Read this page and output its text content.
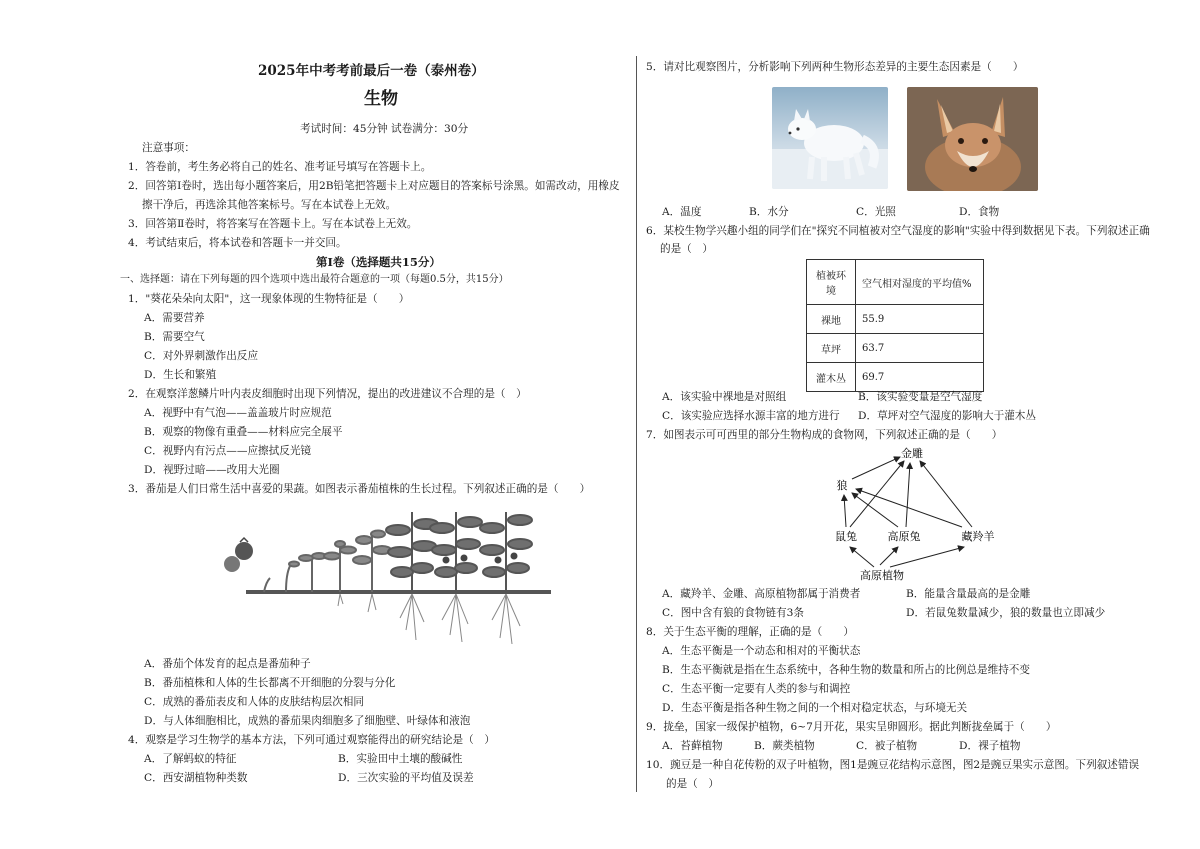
2025年中考考前最后一卷（泰州卷）
生物
考试时间：45分钟 试卷满分：30分
注意事项：
1．答卷前，考生务必将自己的姓名、准考证号填写在答题卡上。
2．回答第Ⅰ卷时，选出每小题答案后，用2B铅笔把答题卡上对应题目的答案标号涂黑。如需改动，用橡皮
擦干净后，再选涂其他答案标号。写在本试卷上无效。
3．回答第Ⅱ卷时，将答案写在答题卡上。写在本试卷上无效。
4．考试结束后，将本试卷和答题卡一并交回。
第Ⅰ卷（选择题共15分）
一、选择题：请在下列每题的四个选项中选出最符合题意的一项（每题0.5分，共15分）
1．"葵花朵朵向太阳"，这一现象体现的生物特征是（　　）
A．需要营养
B．需要空气
C．对外界刺激作出反应
D．生长和繁殖
2．在观察洋葱鳞片叶内表皮细胞时出现下列情况，提出的改进建议不合理的是（　）
A．视野中有气泡——盖盖玻片时应规范
B．观察的物像有重叠——材料应完全展平
C．视野内有污点——应擦拭反光镜
D．视野过暗——改用大光圈
3．番茄是人们日常生活中喜爱的果蔬。如图表示番茄植株的生长过程。下列叙述正确的是（　　）
A．番茄个体发育的起点是番茄种子
B．番茄植株和人体的生长都离不开细胞的分裂与分化
C．成熟的番茄表皮和人体的皮肤结构层次相同
D．与人体细胞相比，成熟的番茄果肉细胞多了细胞壁、叶绿体和液泡
4．观察是学习生物学的基本方法，下列可通过观察能得出的研究结论是（　）
A．了解蚂蚁的特征	B．实验田中土壤的酸碱性
C．西安湖植物种类数	D．三次实验的平均值及误差
5．请对比观察图片，分析影响下列两种生物形态差异的主要生态因素是（　　）
A．温度	B．水分	C．光照	D．食物
6．某校生物学兴趣小组的同学们在"探究不同植被对空气湿度的影响"实验中得到数据见下表。下列叙述正确
的是（　）
植被环境	空气相对湿度的平均值%
裸地	55.9
草坪	63.7
灌木丛	69.7
A．该实验中裸地是对照组	B．该实验变量是空气湿度
C．该实验应选择水源丰富的地方进行 D．草坪对空气湿度的影响大于灌木丛
7．如图表示可可西里的部分生物构成的食物网，下列叙述正确的是（　　）
金雕
狼
鼠兔	高原兔	藏羚羊
高原植物
A．藏羚羊、金雕、高原植物都属于消费者	B．能量含量最高的是金雕
C．图中含有狼的食物链有3条	D．若鼠兔数量减少，狼的数量也立即减少
8．关于生态平衡的理解，正确的是（　　）
A．生态平衡是一个动态和相对的平衡状态
B．生态平衡就是指在生态系统中，各种生物的数量和所占的比例总是维持不变
C．生态平衡一定要有人类的参与和调控
D．生态平衡是指各种生物之间的一个相对稳定状态，与环境无关
9．拢垒，国家一级保护植物，6~7月开花，果实呈卵圆形。据此判断拢垒属于（　　）
A．苔藓植物	B．蕨类植物	C．被子植物	D．裸子植物
10．豌豆是一种自花传粉的双子叶植物，图1是豌豆花结构示意图，图2是豌豆果实示意图。下列叙述错误
的是（　）
